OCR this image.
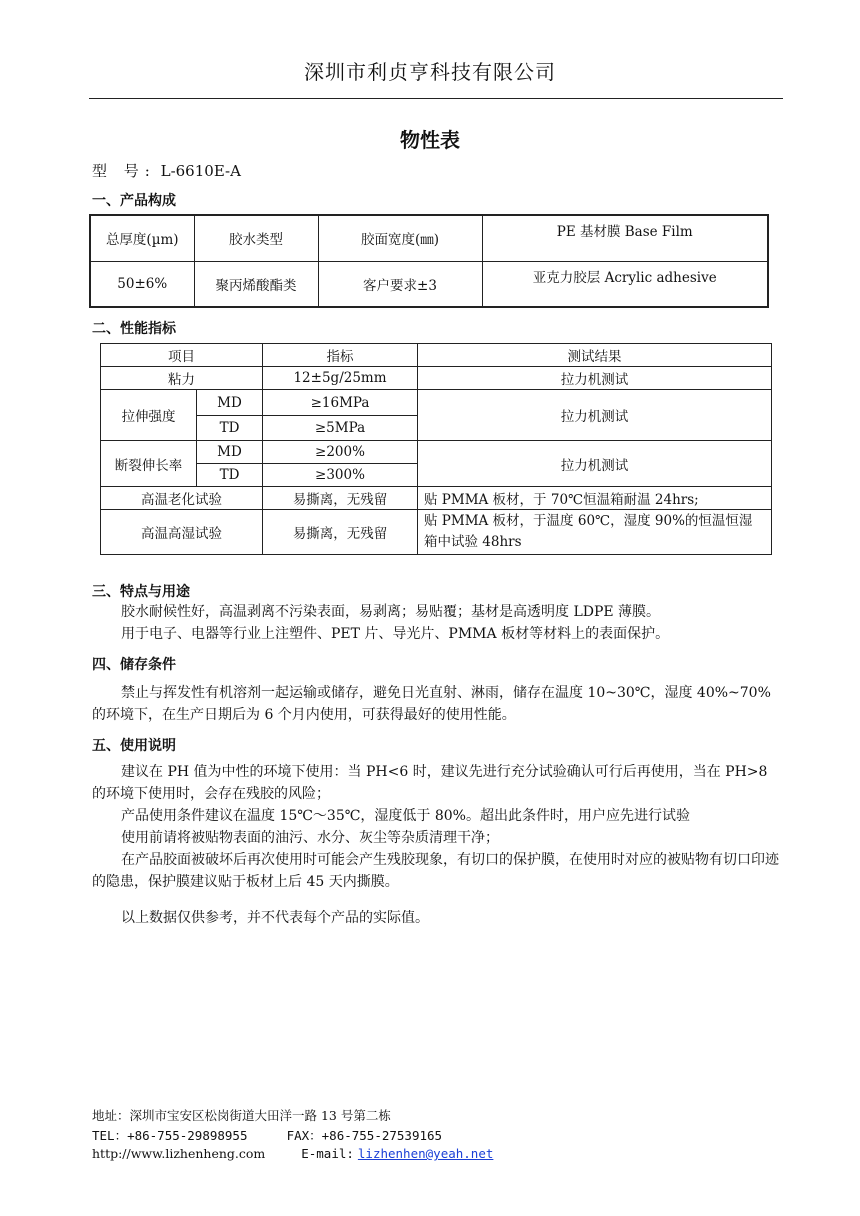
深圳市利贞亨科技有限公司
物性表
型 号: L-6610E-A
一、产品构成
总厚度(µm)	胶水类型	胶面宽度(㎜)	PE 基材膜 Base Film
50±6%	聚丙烯酸酯类	客户要求±3	亚克力胶层 Acrylic adhesive
二、性能指标
项目		指标	测试结果
粘力		12±5g/25mm	拉力机测试
拉伸强度	MD	≥16MPa	拉力机测试
	TD	≥5MPa	
断裂伸长率	MD	≥200%	拉力机测试
	TD	≥300%	
高温老化试验		易撕离，无残留	贴 PMMA 板材，于 70℃恒温箱耐温 24hrs;
高温高湿试验		易撕离，无残留	贴 PMMA 板材，于温度 60℃，湿度 90%的恒温恒湿箱中试验 48hrs
三、特点与用途
胶水耐候性好，高温剥离不污染表面，易剥离；易贴覆；基材是高透明度 LDPE 薄膜。
用于电子、电器等行业上注塑件、PET 片、导光片、PMMA 板材等材料上的表面保护。
四、储存条件
禁止与挥发性有机溶剂一起运输或储存，避免日光直射、淋雨，储存在温度 10~30℃，湿度 40%~70%的环境下，在生产日期后为 6 个月内使用，可获得最好的使用性能。
五、使用说明
建议在 PH 值为中性的环境下使用：当 PH<6 时，建议先进行充分试验确认可行后再使用，当在 PH>8 的环境下使用时，会存在残胶的风险；
产品使用条件建议在温度 15℃～35℃，湿度低于 80%。超出此条件时，用户应先进行试验
使用前请将被贴物表面的油污、水分、灰尘等杂质清理干净；
在产品胶面被破坏后再次使用时可能会产生残胶现象，有切口的保护膜，在使用时对应的被贴物有切口印迹的隐患，保护膜建议贴于板材上后 45 天内撕膜。
以上数据仅供参考，并不代表每个产品的实际值。
地址：深圳市宝安区松岗街道大田洋一路 13 号第二栋
TEL：+86-755-29898955	FAX：+86-755-27539165
http://www.lizhenheng.com	E-mail: lizhenhen@yeah.net
